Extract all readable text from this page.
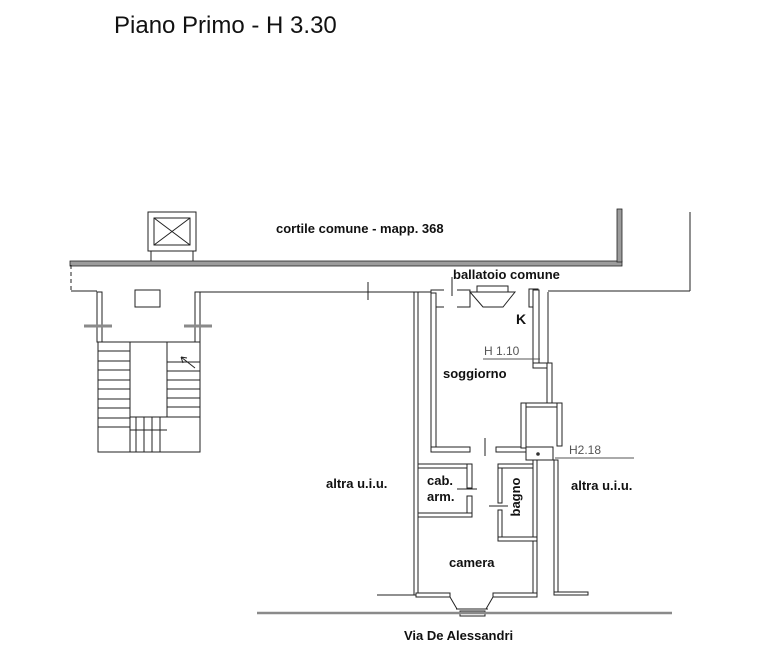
Piano Primo - H 3.30
cortile comune - mapp. 368
ballatoio comune
K
H 1.10
soggiorno
H2.18
altra u.i.u.	cab.
arm.	bagno	altra u.i.u.
camera
Via De Alessandri
